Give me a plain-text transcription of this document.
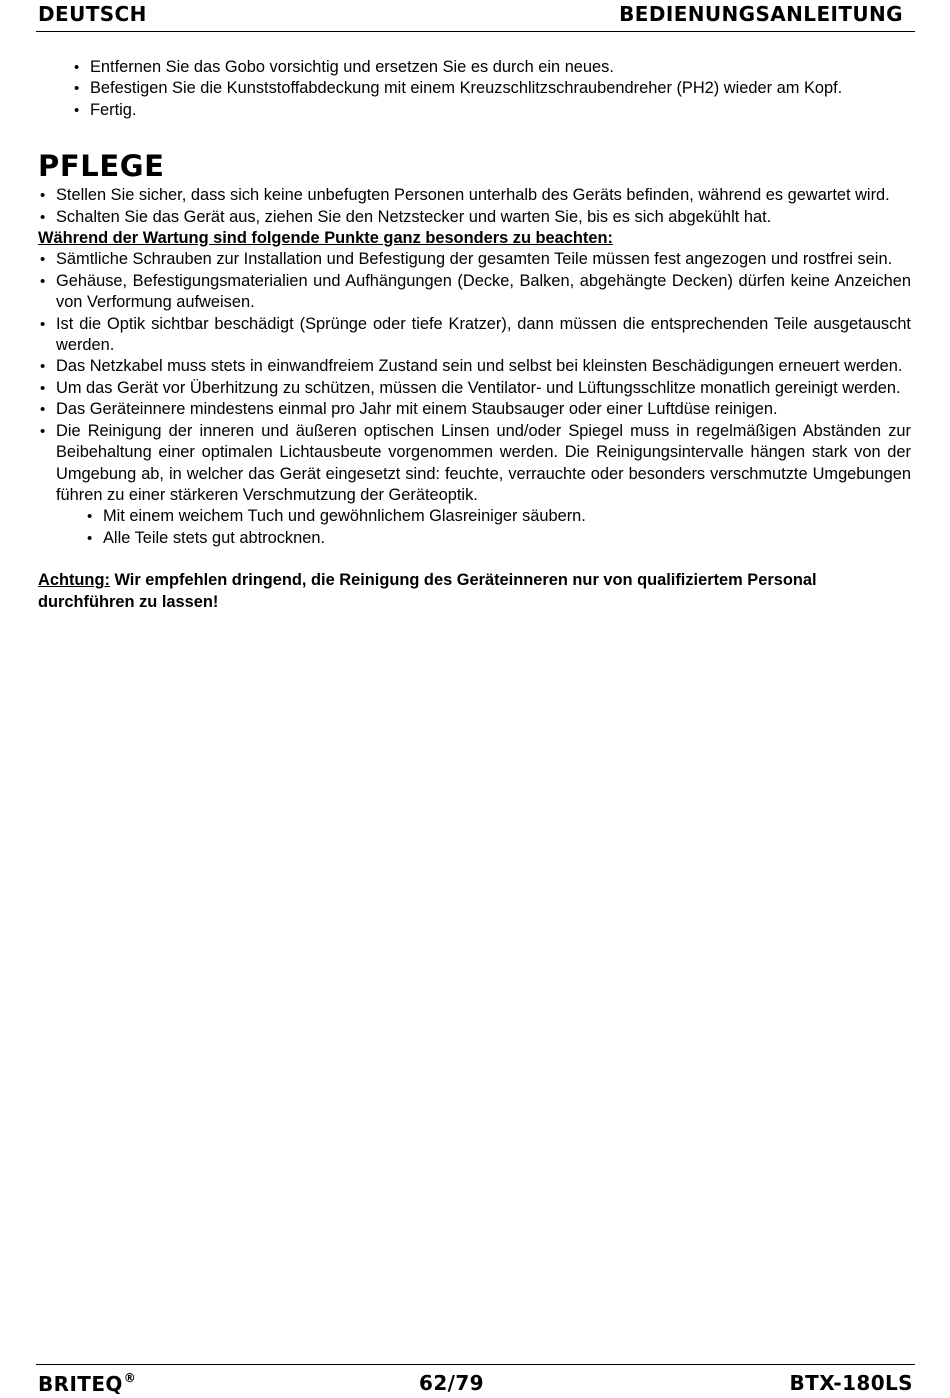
DEUTSCH	BEDIENUNGSANLEITUNG
• Entfernen Sie das Gobo vorsichtig und ersetzen Sie es durch ein neues.
• Befestigen Sie die Kunststoffabdeckung mit einem Kreuzschlitzschraubendreher (PH2) wieder am Kopf.
• Fertig.
PFLEGE
• Stellen Sie sicher, dass sich keine unbefugten Personen unterhalb des Geräts befinden, während es gewartet wird.
• Schalten Sie das Gerät aus, ziehen Sie den Netzstecker und warten Sie, bis es sich abgekühlt hat.

Während der Wartung sind folgende Punkte ganz besonders zu beachten:

• Sämtliche Schrauben zur Installation und Befestigung der gesamten Teile müssen fest angezogen und rostfrei sein.
• Gehäuse, Befestigungsmaterialien und Aufhängungen (Decke, Balken, abgehängte Decken) dürfen keine Anzeichen von Verformung aufweisen.
• Ist die Optik sichtbar beschädigt (Sprünge oder tiefe Kratzer), dann müssen die entsprechenden Teile ausgetauscht werden.
• Das Netzkabel muss stets in einwandfreiem Zustand sein und selbst bei kleinsten Beschädigungen erneuert werden.
• Um das Gerät vor Überhitzung zu schützen, müssen die Ventilator- und Lüftungsschlitze monatlich gereinigt werden.
• Das Geräteinnere mindestens einmal pro Jahr mit einem Staubsauger oder einer Luftdüse reinigen.
• Die Reinigung der inneren und äußeren optischen Linsen und/oder Spiegel muss in regelmäßigen Abständen zur Beibehaltung einer optimalen Lichtausbeute vorgenommen werden. Die Reinigungsintervalle hängen stark von der Umgebung ab, in welcher das Gerät eingesetzt sind: feuchte, verrauchte oder besonders verschmutzte Umgebungen führen zu einer stärkeren Verschmutzung der Geräteoptik.
• Mit einem weichem Tuch und gewöhnlichem Glasreiniger säubern.
• Alle Teile stets gut abtrocknen.

Achtung: Wir empfehlen dringend, die Reinigung des Geräteinneren nur von qualifiziertem Personal durchführen zu lassen!

BRITEQ®	62/79	BTX-180LS
